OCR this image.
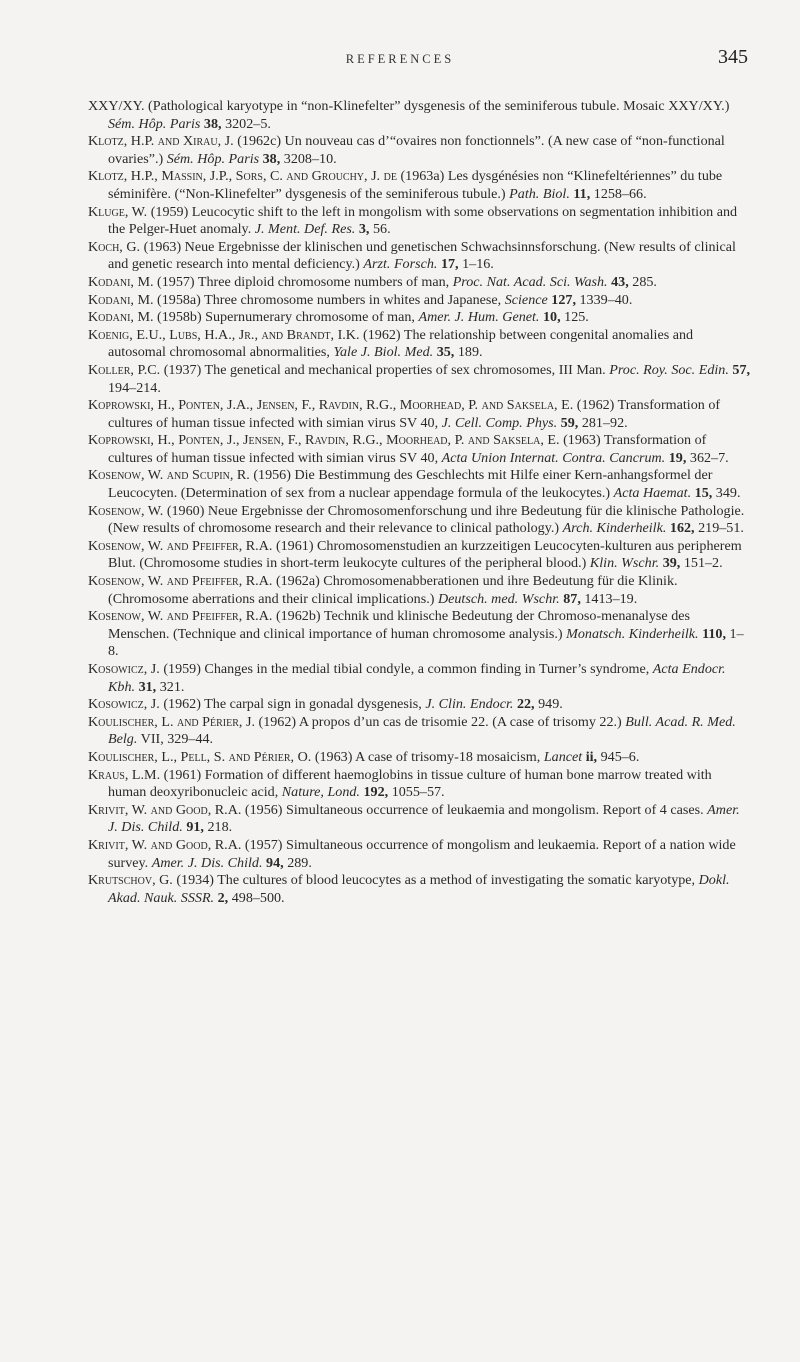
REFERENCES	345

XXY/XY. (Pathological karyotype in “non-Klinefelter” dysgenesis of the seminiferous tubule. Mosaic XXY/XY.) Sém. Hôp. Paris 38, 3202–5.

Klotz, H.P. and Xirau, J. (1962c) Un nouveau cas d’“ovaires non fonctionnels”. (A new case of “non-functional ovaries”.) Sém. Hôp. Paris 38, 3208–10.

Klotz, H.P., Massin, J.P., Sors, C. and Grouchy, J. de (1963a) Les dysgénésies non “Klinefeltériennes” du tube séminifère. (“Non-Klinefelter” dysgenesis of the seminiferous tubule.) Path. Biol. 11, 1258–66.

Kluge, W. (1959) Leucocytic shift to the left in mongolism with some observations on segmentation inhibition and the Pelger-Huet anomaly. J. Ment. Def. Res. 3, 56.

Koch, G. (1963) Neue Ergebnisse der klinischen und genetischen Schwachsinnsforschung. (New results of clinical and genetic research into mental deficiency.) Arzt. Forsch. 17, 1–16.

Kodani, M. (1957) Three diploid chromosome numbers of man, Proc. Nat. Acad. Sci. Wash. 43, 285.

Kodani, M. (1958a) Three chromosome numbers in whites and Japanese, Science 127, 1339–40.

Kodani, M. (1958b) Supernumerary chromosome of man, Amer. J. Hum. Genet. 10, 125.

Koenig, E.U., Lubs, H.A., Jr., and Brandt, I.K. (1962) The relationship between congenital anomalies and autosomal chromosomal abnormalities, Yale J. Biol. Med. 35, 189.

Koller, P.C. (1937) The genetical and mechanical properties of sex chromosomes, III Man. Proc. Roy. Soc. Edin. 57, 194–214.

Koprowski, H., Ponten, J.A., Jensen, F., Ravdin, R.G., Moorhead, P. and Saksela, E. (1962) Transformation of cultures of human tissue infected with simian virus SV 40, J. Cell. Comp. Phys. 59, 281–92.

Koprowski, H., Ponten, J., Jensen, F., Ravdin, R.G., Moorhead, P. and Saksela, E. (1963) Transformation of cultures of human tissue infected with simian virus SV 40, Acta Union Internat. Contra. Cancrum. 19, 362–7.

Kosenow, W. and Scupin, R. (1956) Die Bestimmung des Geschlechts mit Hilfe einer Kern-anhangsformel der Leucocyten. (Determination of sex from a nuclear appendage formula of the leukocytes.) Acta Haemat. 15, 349.

Kosenow, W. (1960) Neue Ergebnisse der Chromosomenforschung und ihre Bedeutung für die klinische Pathologie. (New results of chromosome research and their relevance to clinical pathology.) Arch. Kinderheilk. 162, 219–51.

Kosenow, W. and Pfeiffer, R.A. (1961) Chromosomenstudien an kurzzeitigen Leucocyten-kulturen aus peripherem Blut. (Chromosome studies in short-term leukocyte cultures of the peripheral blood.) Klin. Wschr. 39, 151–2.

Kosenow, W. and Pfeiffer, R.A. (1962a) Chromosomenabberationen und ihre Bedeutung für die Klinik. (Chromosome aberrations and their clinical implications.) Deutsch. med. Wschr. 87, 1413–19.

Kosenow, W. and Pfeiffer, R.A. (1962b) Technik und klinische Bedeutung der Chromoso-menanalyse des Menschen. (Technique and clinical importance of human chromosome analysis.) Monatsch. Kinderheilk. 110, 1–8.

Kosowicz, J. (1959) Changes in the medial tibial condyle, a common finding in Turner’s syndrome, Acta Endocr. Kbh. 31, 321.

Kosowicz, J. (1962) The carpal sign in gonadal dysgenesis, J. Clin. Endocr. 22, 949.

Koulischer, L. and Périer, J. (1962) A propos d’un cas de trisomie 22. (A case of trisomy 22.) Bull. Acad. R. Med. Belg. VII, 329–44.

Koulischer, L., Pell, S. and Périer, O. (1963) A case of trisomy-18 mosaicism, Lancet ii, 945–6.

Kraus, L.M. (1961) Formation of different haemoglobins in tissue culture of human bone marrow treated with human deoxyribonucleic acid, Nature, Lond. 192, 1055–57.

Krivit, W. and Good, R.A. (1956) Simultaneous occurrence of leukaemia and mongolism. Report of 4 cases. Amer. J. Dis. Child. 91, 218.

Krivit, W. and Good, R.A. (1957) Simultaneous occurrence of mongolism and leukaemia. Report of a nation wide survey. Amer. J. Dis. Child. 94, 289.

Krutschov, G. (1934) The cultures of blood leucocytes as a method of investigating the somatic karyotype, Dokl. Akad. Nauk. SSSR. 2, 498–500.
